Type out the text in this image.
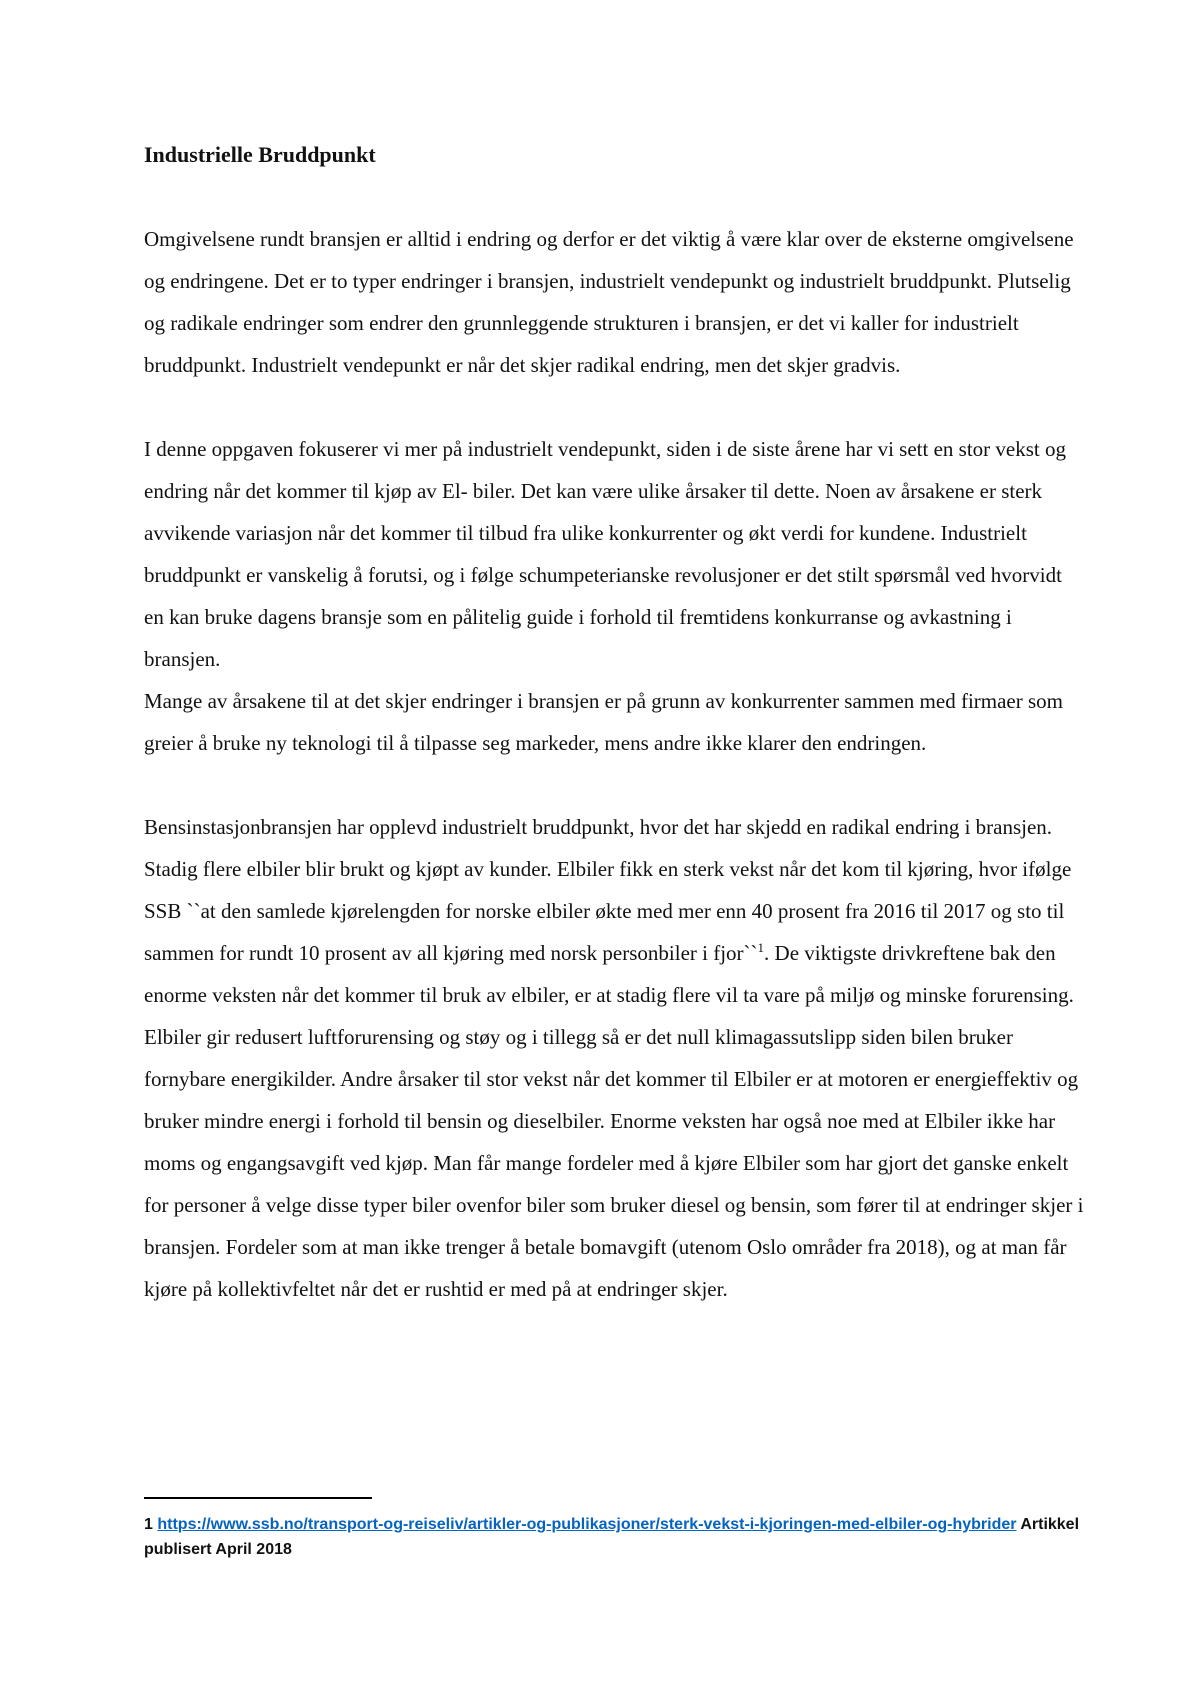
Industrielle Bruddpunkt

Omgivelsene rundt bransjen er alltid i endring og derfor er det viktig å være klar over de eksterne omgivelsene og endringene. Det er to typer endringer i bransjen, industrielt vendepunkt og industrielt bruddpunkt. Plutselig og radikale endringer som endrer den grunnleggende strukturen i bransjen, er det vi kaller for industrielt bruddpunkt. Industrielt vendepunkt er når det skjer radikal endring, men det skjer gradvis.

I denne oppgaven fokuserer vi mer på industrielt vendepunkt, siden i de siste årene har vi sett en stor vekst og endring når det kommer til kjøp av El- biler. Det kan være ulike årsaker til dette. Noen av årsakene er sterk avvikende variasjon når det kommer til tilbud fra ulike konkurrenter og økt verdi for kundene. Industrielt bruddpunkt er vanskelig å forutsi, og i følge schumpeterianske revolusjoner er det stilt spørsmål ved hvorvidt en kan bruke dagens bransje som en pålitelig guide i forhold til fremtidens konkurranse og avkastning i bransjen.

Mange av årsakene til at det skjer endringer i bransjen er på grunn av konkurrenter sammen med firmaer som greier å bruke ny teknologi til å tilpasse seg markeder, mens andre ikke klarer den endringen.

Bensinstasjonbransjen har opplevd industrielt bruddpunkt, hvor det har skjedd en radikal endring i bransjen. Stadig flere elbiler blir brukt og kjøpt av kunder. Elbiler fikk en sterk vekst når det kom til kjøring, hvor ifølge SSB ``at den samlede kjørelengden for norske elbiler økte med mer enn 40 prosent fra 2016 til 2017 og sto til sammen for rundt 10 prosent av all kjøring med norsk personbiler i fjor``$^1$. De viktigste drivkreftene bak den enorme veksten når det kommer til bruk av elbiler, er at stadig flere vil ta vare på miljø og minske forurensing. Elbiler gir redusert luftforurensing og støy og i tillegg så er det null klimagassutslipp siden bilen bruker fornybare energikilder. Andre årsaker til stor vekst når det kommer til Elbiler er at motoren er energieffektiv og bruker mindre energi i forhold til bensin og dieselbiler. Enorme veksten har også noe med at Elbiler ikke har moms og engangsavgift ved kjøp. Man får mange fordeler med å kjøre Elbiler som har gjort det ganske enkelt for personer å velge disse typer biler ovenfor biler som bruker diesel og bensin, som fører til at endringer skjer i bransjen. Fordeler som at man ikke trenger å betale bomavgift (utenom Oslo områder fra 2018), og at man får kjøre på kollektivfeltet når det er rushtid er med på at endringer skjer.

1 https://www.ssb.no/transport-og-reiseliv/artikler-og-publikasjoner/sterk-vekst-i-kjoringen-med-elbiler-og-hybrider Artikkel publisert April 2018
